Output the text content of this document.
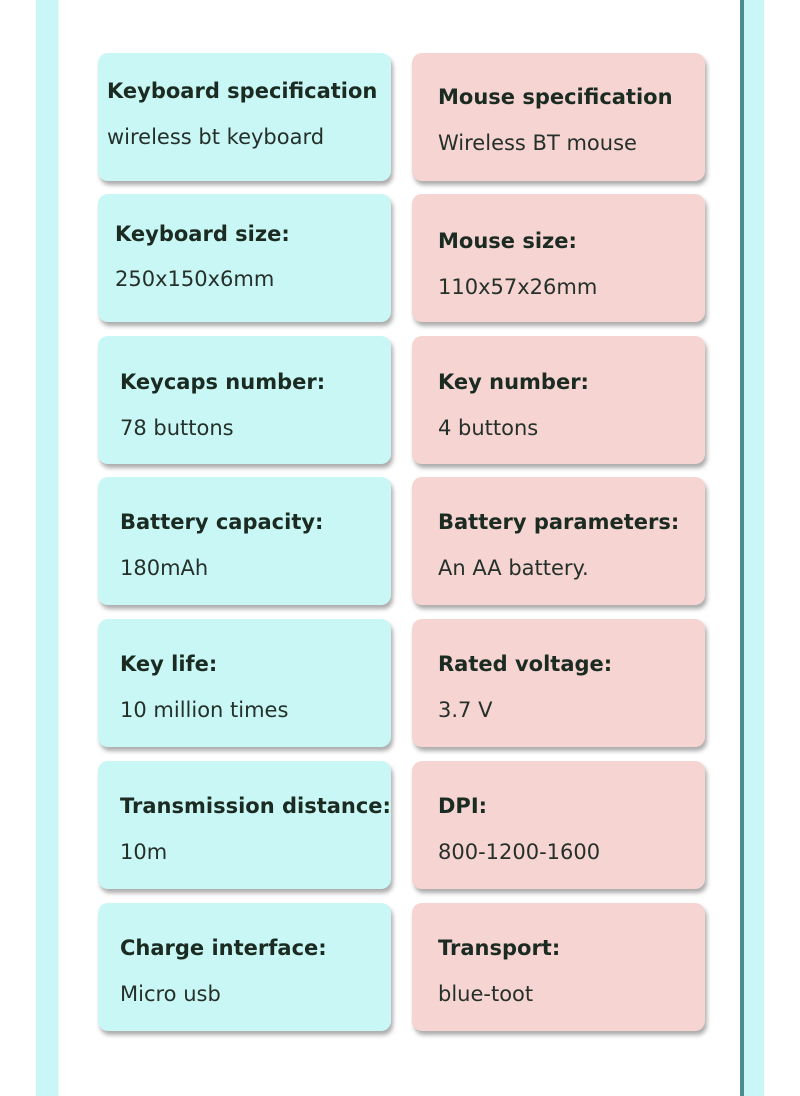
Keyboard specification
wireless bt keyboard
Mouse specification
Wireless BT mouse
Keyboard size:
250x150x6mm
Mouse size:
110x57x26mm
Keycaps number:
78 buttons
Key number:
4 buttons
Battery capacity:
180mAh
Battery parameters:
An AA battery.
Key life:
10 million times
Rated voltage:
3.7 V
Transmission distance:
10m
DPI:
800-1200-1600
Charge interface:
Micro usb
Transport:
blue-toot
